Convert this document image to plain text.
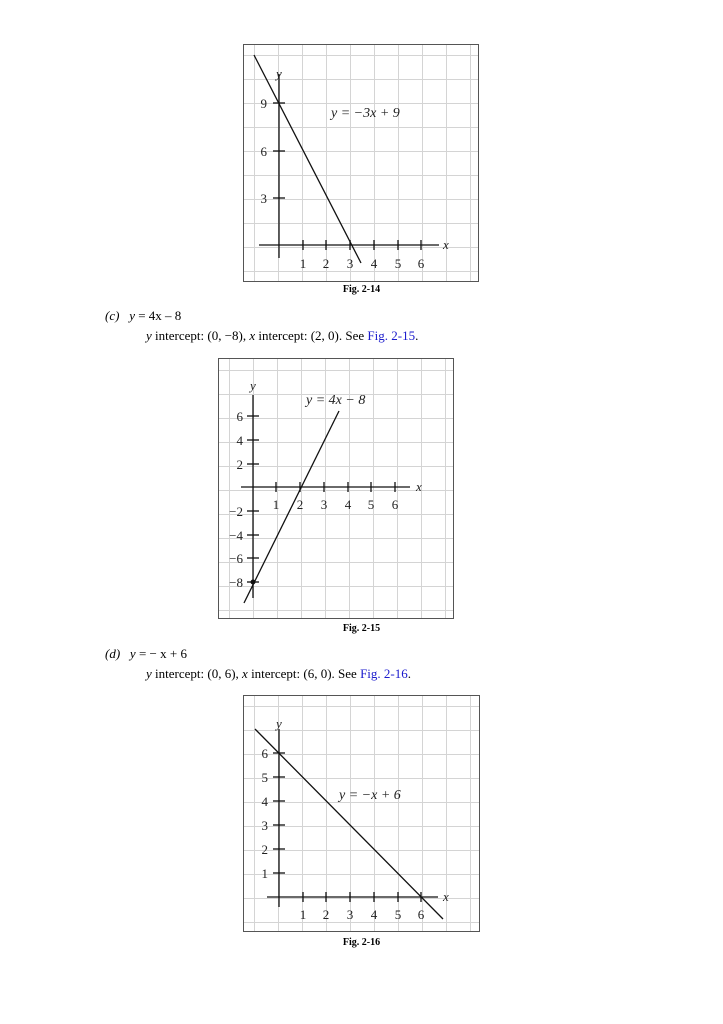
1 2 3 4 5 6
3
6
9
x
y
y = −3x + 9
Fig. 2-14
(c) y = 4x – 8
y intercept: (0, −8), x intercept: (2, 0). See Fig. 2-15.
1 2 3 4 5 6
6
4
2
−2
−4
−6
−8
x
y
y = 4x − 8
Fig. 2-15
(d) y = − x + 6
y intercept: (0, 6), x intercept: (6, 0). See Fig. 2-16.
1 2 3 4 5 6
6
5
4
3
2
1
x
y
y = −x + 6
Fig. 2-16
